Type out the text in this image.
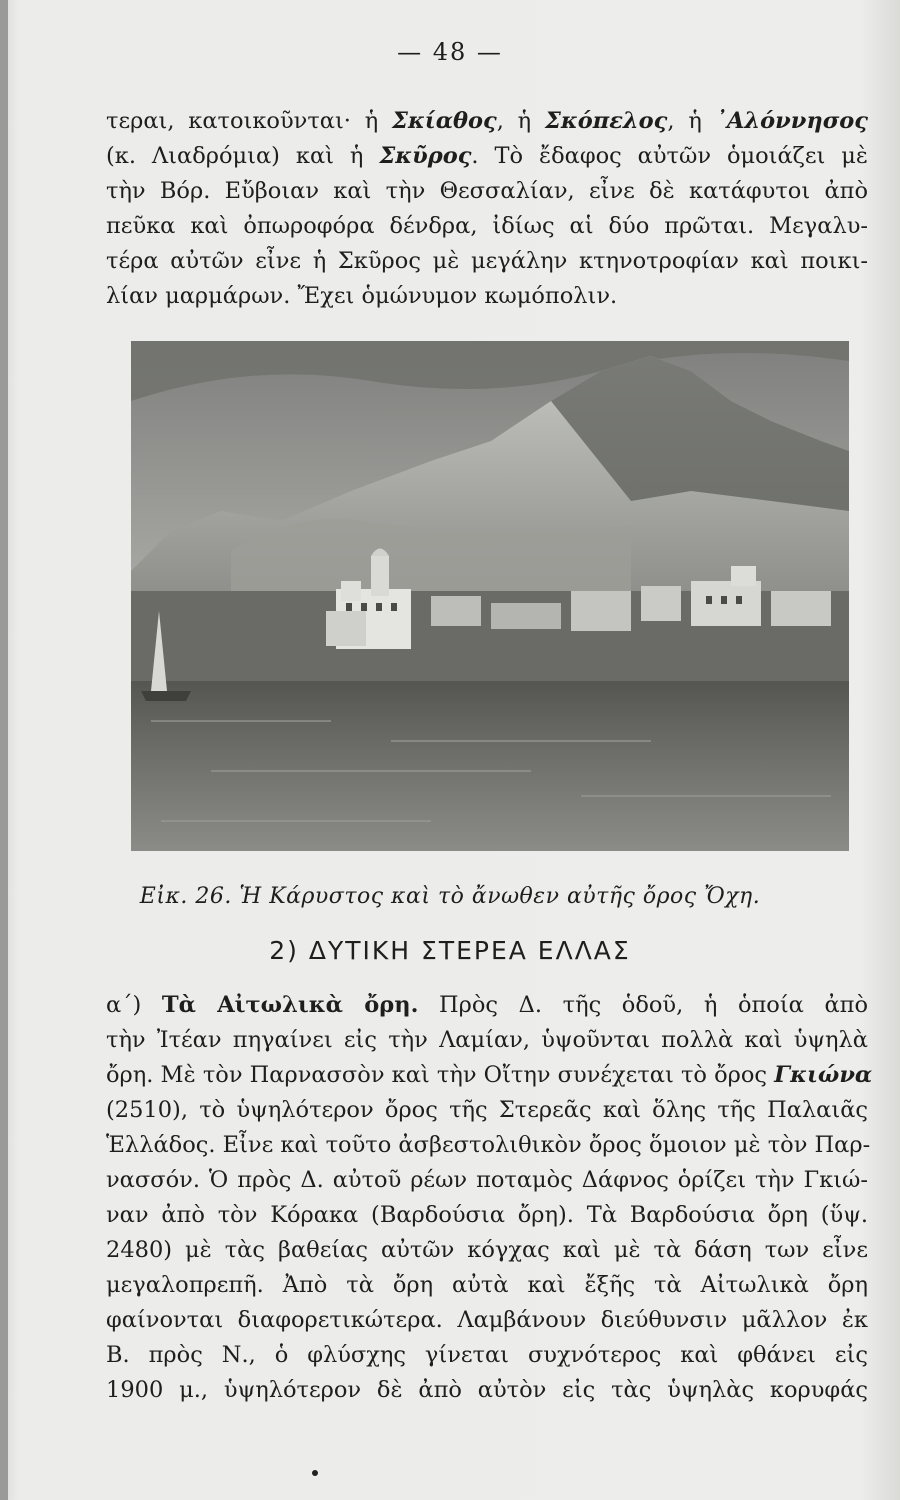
— 48 —
τεραι, κατοικοῦνται· ἡ Σκίαθος, ἡ Σκόπελος, ἡ ᾿Αλόννησος
(κ. Λιαδρόμια) καὶ ἡ Σκῦρος. Τὸ ἔδαφος αὐτῶν ὁμοιάζει μὲ
τὴν Βόρ. Εὔβοιαν καὶ τὴν Θεσσαλίαν, εἶνε δὲ κατάφυτοι ἀπὸ
πεῦκα καὶ ὀπωροφόρα δένδρα, ἰδίως αἱ δύο πρῶται. Μεγαλυ-
τέρα αὐτῶν εἶνε ἡ Σκῦρος μὲ μεγάλην κτηνοτροφίαν καὶ ποικι-
λίαν μαρμάρων. Ἔχει ὁμώνυμον κωμόπολιν.
Εἰκ. 26. Ἡ Κάρυστος καὶ τὸ ἄνωθεν αὐτῆς ὄρος Ὄχη.
2) ΔΥΤΙΚΗ ΣΤΕΡΕΑ ΕΛΛΑΣ
α΄) Τὰ Αἰτωλικὰ ὄρη. Πρὸς Δ. τῆς ὁδοῦ, ἡ ὁποία ἀπὸ
τὴν Ἰτέαν πηγαίνει εἰς τὴν Λαμίαν, ὑψοῦνται πολλὰ καὶ ὑψηλὰ
ὄρη. Μὲ τὸν Παρνασσὸν καὶ τὴν Οἴτην συνέχεται τὸ ὄρος Γκιώνα
(2510), τὸ ὑψηλότερον ὄρος τῆς Στερεᾶς καὶ ὅλης τῆς Παλαιᾶς
Ἑλλάδος. Εἶνε καὶ τοῦτο ἀσβεστολιθικὸν ὄρος ὅμοιον μὲ τὸν Παρ-
νασσόν. Ὁ πρὸς Δ. αὐτοῦ ρέων ποταμὸς Δάφνος ὁρίζει τὴν Γκιώ-
ναν ἀπὸ τὸν Κόρακα (Βαρδούσια ὄρη). Τὰ Βαρδούσια ὄρη (ὕψ.
2480) μὲ τὰς βαθείας αὐτῶν κόγχας καὶ μὲ τὰ δάση των εἶνε
μεγαλοπρεπῆ. Ἀπὸ τὰ ὄρη αὐτὰ καὶ ἔξῆς τὰ Αἰτωλικὰ ὄρη
φαίνονται διαφορετικώτερα. Λαμβάνουν διεύθυνσιν μᾶλλον ἐκ
Β. πρὸς Ν., ὁ φλύσχης γίνεται συχνότερος καὶ φθάνει εἰς
1900 μ., ὑψηλότερον δὲ ἀπὸ αὐτὸν εἰς τὰς ὑψηλὰς κορυφάς
